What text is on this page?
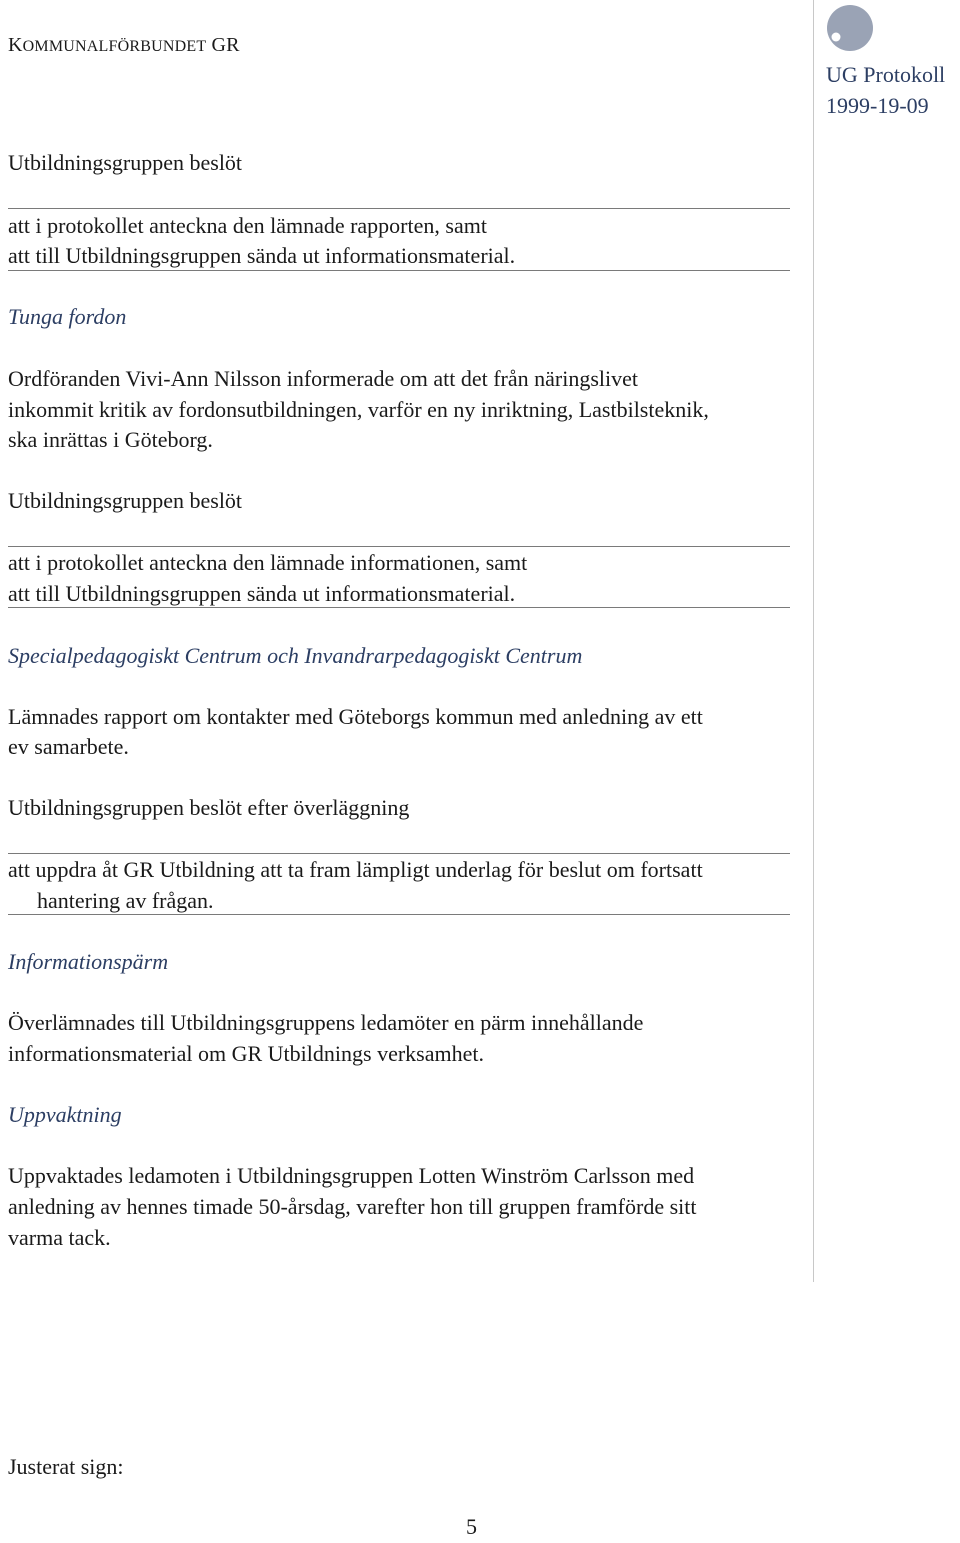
KOMMUNALFÖRBUNDET GR
UG Protokoll
1999-19-09
Utbildningsgruppen beslöt
att i protokollet anteckna den lämnade rapporten, samt
att till Utbildningsgruppen sända ut informationsmaterial.
Tunga fordon
Ordföranden Vivi-Ann Nilsson informerade om att det från näringslivet
inkommit kritik av fordonsutbildningen, varför en ny inriktning, Lastbilsteknik,
ska inrättas i Göteborg.
Utbildningsgruppen beslöt
att i protokollet anteckna den lämnade informationen, samt
att till Utbildningsgruppen sända ut informationsmaterial.
Specialpedagogiskt Centrum och Invandrarpedagogiskt Centrum
Lämnades rapport om kontakter med Göteborgs kommun med anledning av ett
ev samarbete.
Utbildningsgruppen beslöt efter överläggning
att uppdra åt GR Utbildning att ta fram lämpligt underlag för beslut om fortsatt
hantering av frågan.
Informationspärm
Överlämnades till Utbildningsgruppens ledamöter en pärm innehållande
informationsmaterial om GR Utbildnings verksamhet.
Uppvaktning
Uppvaktades ledamoten i Utbildningsgruppen Lotten Winström Carlsson med
anledning av hennes timade 50-årsdag, varefter hon till gruppen framförde sitt
varma tack.
Justerat sign:
5
